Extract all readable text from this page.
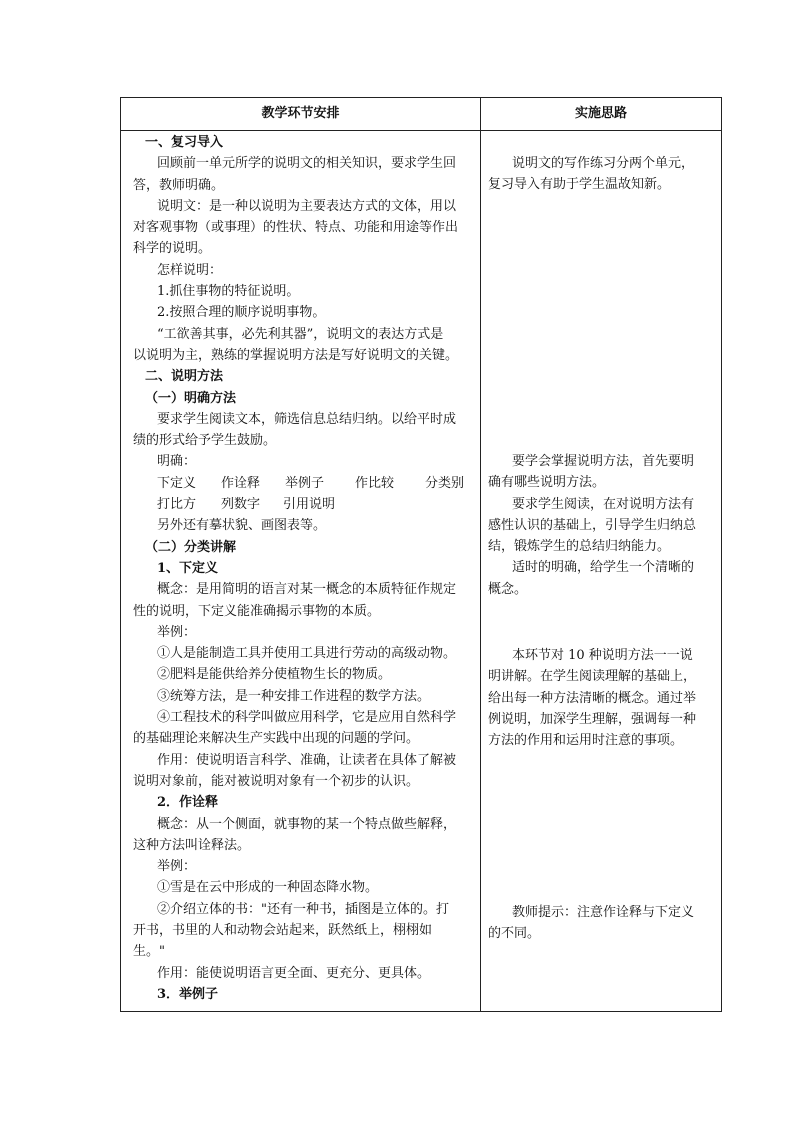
教学环节安排	实施思路
一、复习导入
回顾前一单元所学的说明文的相关知识，要求学生回
答，教师明确。
说明文：是一种以说明为主要表达方式的文体，用以
对客观事物（或事理）的性状、特点、功能和用途等作出
科学的说明。
怎样说明：
1.抓住事物的特征说明。
2.按照合理的顺序说明事物。
“工欲善其事，必先利其器”，说明文的表达方式是
以说明为主，熟练的掌握说明方法是写好说明文的关键。
二、说明方法
（一）明确方法
要求学生阅读文本，筛选信息总结归纳。以给平时成
绩的形式给予学生鼓励。
明确：
下定义 作诠释 举例子 作比较 分类别
打比方 列数字 引用说明
另外还有摹状貌、画图表等。
（二）分类讲解
1、下定义
概念：是用简明的语言对某一概念的本质特征作规定
性的说明，下定义能准确揭示事物的本质。
举例：
①人是能制造工具并使用工具进行劳动的高级动物。
②肥料是能供给养分使植物生长的物质。
③统筹方法，是一种安排工作进程的数学方法。
④工程技术的科学叫做应用科学，它是应用自然科学
的基础理论来解决生产实践中出现的问题的学问。
作用：使说明语言科学、准确，让读者在具体了解被
说明对象前，能对被说明对象有一个初步的认识。
2．作诠释
概念：从一个侧面，就事物的某一个特点做些解释，
这种方法叫诠释法。
举例：
①雪是在云中形成的一种固态降水物。
②介绍立体的书："还有一种书，插图是立体的。打
开书，书里的人和动物会站起来，跃然纸上，栩栩如
生。"
作用：能使说明语言更全面、更充分、更具体。
3．举例子
说明文的写作练习分两个单元，
复习导入有助于学生温故知新。
要学会掌握说明方法，首先要明
确有哪些说明方法。
要求学生阅读，在对说明方法有
感性认识的基础上，引导学生归纳总
结，锻炼学生的总结归纳能力。
适时的明确，给学生一个清晰的
概念。
本环节对 10 种说明方法一一说
明讲解。在学生阅读理解的基础上，
给出每一种方法清晰的概念。通过举
例说明，加深学生理解，强调每一种
方法的作用和运用时注意的事项。
教师提示：注意作诠释与下定义
的不同。
